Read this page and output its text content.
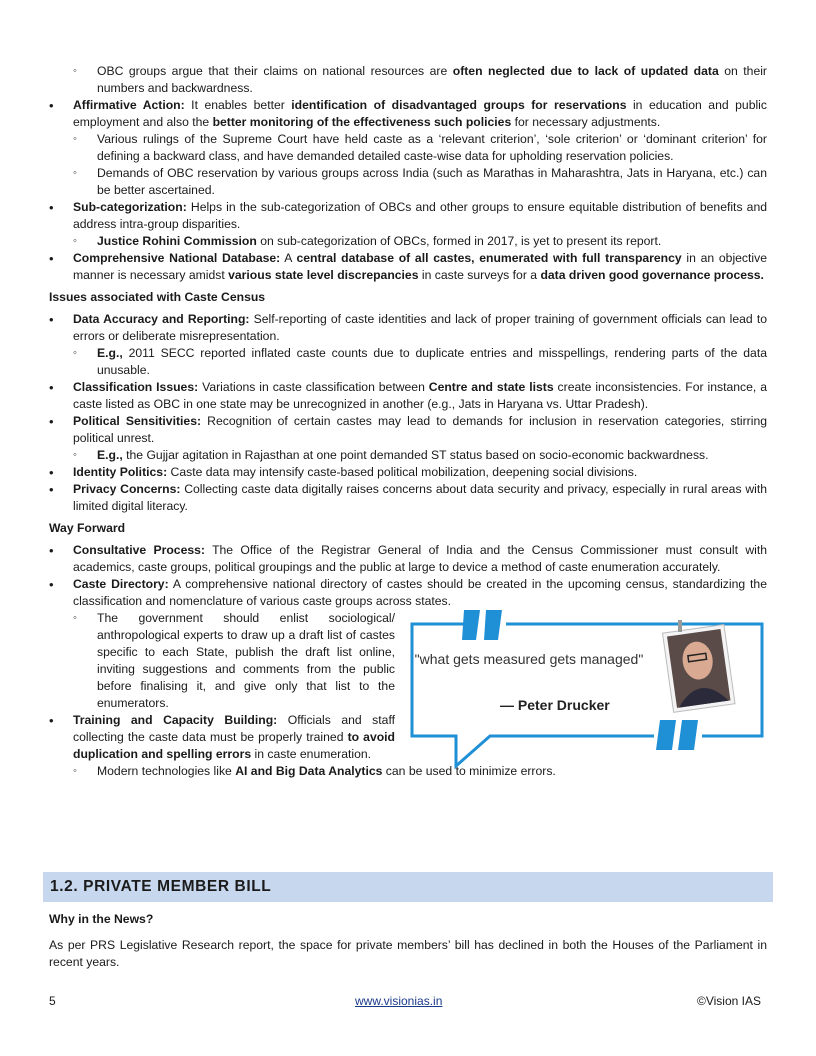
◦ OBC groups argue that their claims on national resources are often neglected due to lack of updated data on their numbers and backwardness.
• Affirmative Action: It enables better identification of disadvantaged groups for reservations in education and public employment and also the better monitoring of the effectiveness such policies for necessary adjustments.
◦ Various rulings of the Supreme Court have held caste as a ‘relevant criterion’, ‘sole criterion’ or ‘dominant criterion’ for defining a backward class, and have demanded detailed caste-wise data for upholding reservation policies.
◦ Demands of OBC reservation by various groups across India (such as Marathas in Maharashtra, Jats in Haryana, etc.) can be better ascertained.
• Sub-categorization: Helps in the sub-categorization of OBCs and other groups to ensure equitable distribution of benefits and address intra-group disparities.
◦ Justice Rohini Commission on sub-categorization of OBCs, formed in 2017, is yet to present its report.
• Comprehensive National Database: A central database of all castes, enumerated with full transparency in an objective manner is necessary amidst various state level discrepancies in caste surveys for a data driven good governance process.
Issues associated with Caste Census
• Data Accuracy and Reporting: Self-reporting of caste identities and lack of proper training of government officials can lead to errors or deliberate misrepresentation.
◦ E.g., 2011 SECC reported inflated caste counts due to duplicate entries and misspellings, rendering parts of the data unusable.
• Classification Issues: Variations in caste classification between Centre and state lists create inconsistencies. For instance, a caste listed as OBC in one state may be unrecognized in another (e.g., Jats in Haryana vs. Uttar Pradesh).
• Political Sensitivities: Recognition of certain castes may lead to demands for inclusion in reservation categories, stirring political unrest.
◦ E.g., the Gujjar agitation in Rajasthan at one point demanded ST status based on socio-economic backwardness.
• Identity Politics: Caste data may intensify caste-based political mobilization, deepening social divisions.
• Privacy Concerns: Collecting caste data digitally raises concerns about data security and privacy, especially in rural areas with limited digital literacy.
Way Forward
• Consultative Process: The Office of the Registrar General of India and the Census Commissioner must consult with academics, caste groups, political groupings and the public at large to device a method of caste enumeration accurately.
• Caste Directory: A comprehensive national directory of castes should be created in the upcoming census, standardizing the classification and nomenclature of various caste groups across states.
"what gets measured gets managed"
— Peter Drucker
◦ The government should enlist sociological/ anthropological experts to draw up a draft list of castes specific to each State, publish the draft list online, inviting suggestions and comments from the public before finalising it, and give only that list to the enumerators.
• Training and Capacity Building: Officials and staff collecting the caste data must be properly trained to avoid duplication and spelling errors in caste enumeration.
◦ Modern technologies like AI and Big Data Analytics can be used to minimize errors.
1.2. PRIVATE MEMBER BILL
Why in the News?
As per PRS Legislative Research report, the space for private members’ bill has declined in both the Houses of the Parliament in recent years.
5	www.visionias.in	©Vision IAS
